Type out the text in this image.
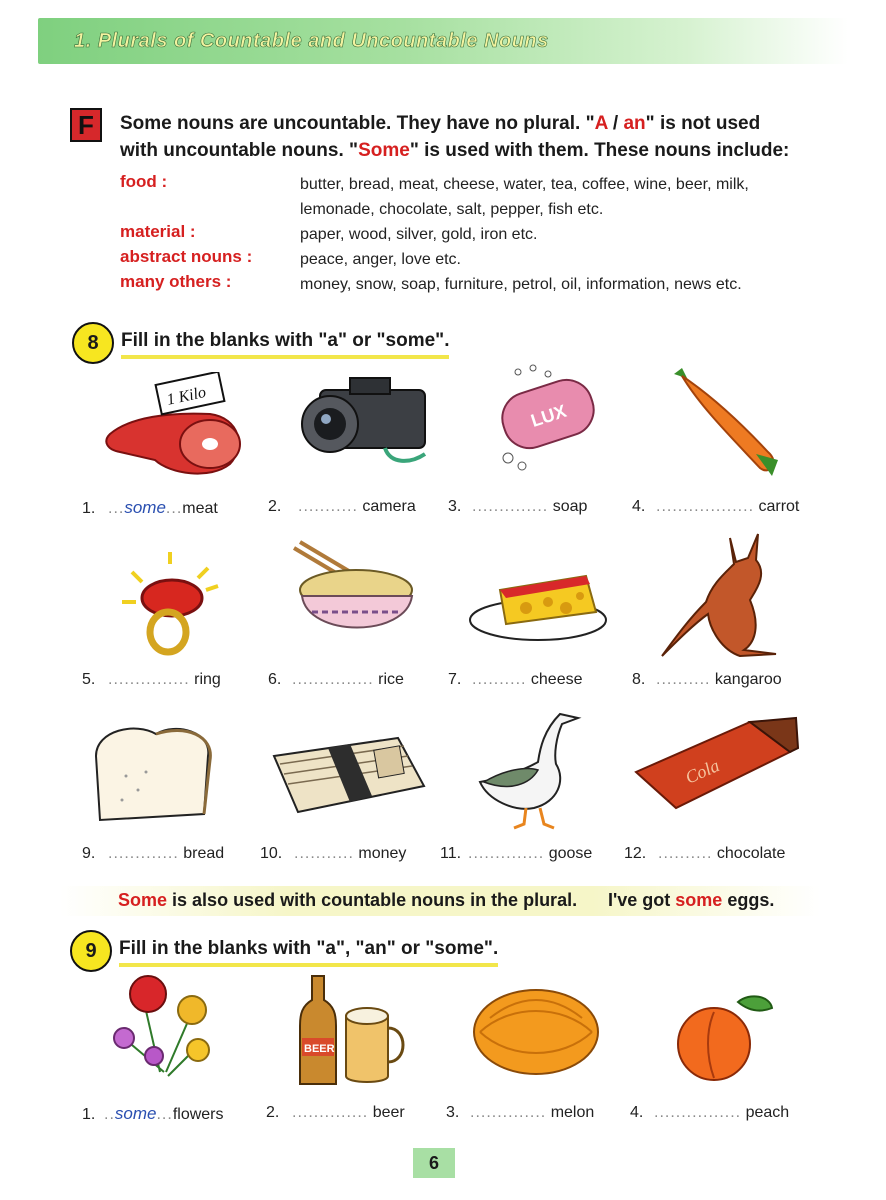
1. Plurals of Countable and Uncountable Nouns
F	Some nouns are uncountable. They have no plural. "A / an" is not used
with uncountable nouns. "Some" is used with them. These nouns include:
food :	butter, bread, meat, cheese, water, tea, coffee, wine, beer, milk, lemonade, chocolate, salt, pepper, fish etc.
material :	paper, wood, silver, gold, iron etc.
abstract nouns :	peace, anger, love etc.
many others :	money, snow, soap, furniture, petrol, oil, information, news etc.
8	Fill in the blanks with "a" or "some".
1 Kilo
LUX
1. ...some...meat	2. ........... camera 3. .............. soap	4. .................. carrot
5. ............... ring	6. ............... rice	7. .......... cheese	8. .......... kangaroo
Cola
9. ............. bread 10. ........... money 11. .............. goose 12. .......... chocolate
Some is also used with countable nouns in the plural. I've got some eggs.
9	Fill in the blanks with "a", "an" or "some".
BEER
1. ..some...flowers	2. .............. beer	3. .............. melon 4. ................ peach
6
